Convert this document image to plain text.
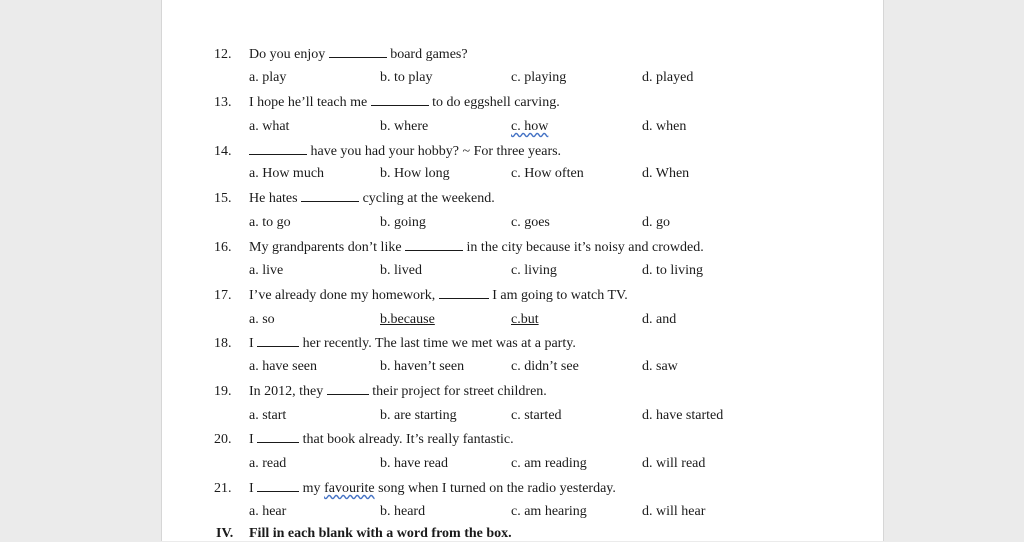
12. Do you enjoy	board games?
a. play	b. to play	c. playing	d. played
13. I hope he’ll teach me	to do eggshell carving.
a. what	b. where	c. how	d. when
14.	have you had your hobby? ~ For three years.
a. How much	b. How long	c. How often	d. When
15. He hates	cycling at the weekend.
a. to go	b. going	c. goes	d. go
16. My grandparents don’t like	in the city because it’s noisy and crowded.
a. live	b. lived	c. living	d. to living
17. I’ve already done my homework,	I am going to watch TV.
a. so	b.because	c.but	d. and
18. I	her recently. The last time we met was at a party.
a. have seen	b. haven’t seen	c. didn’t see	d. saw
19. In 2012, they	their project for street children.
a. start	b. are starting	c. started	d. have started
20. I	that book already. It’s really fantastic.
a. read	b. have read	c. am reading	d. will read
21. I	my favourite song when I turned on the radio yesterday.
a. hear	b. heard	c. am hearing	d. will hear
IV. Fill in each blank with a word from the box.
